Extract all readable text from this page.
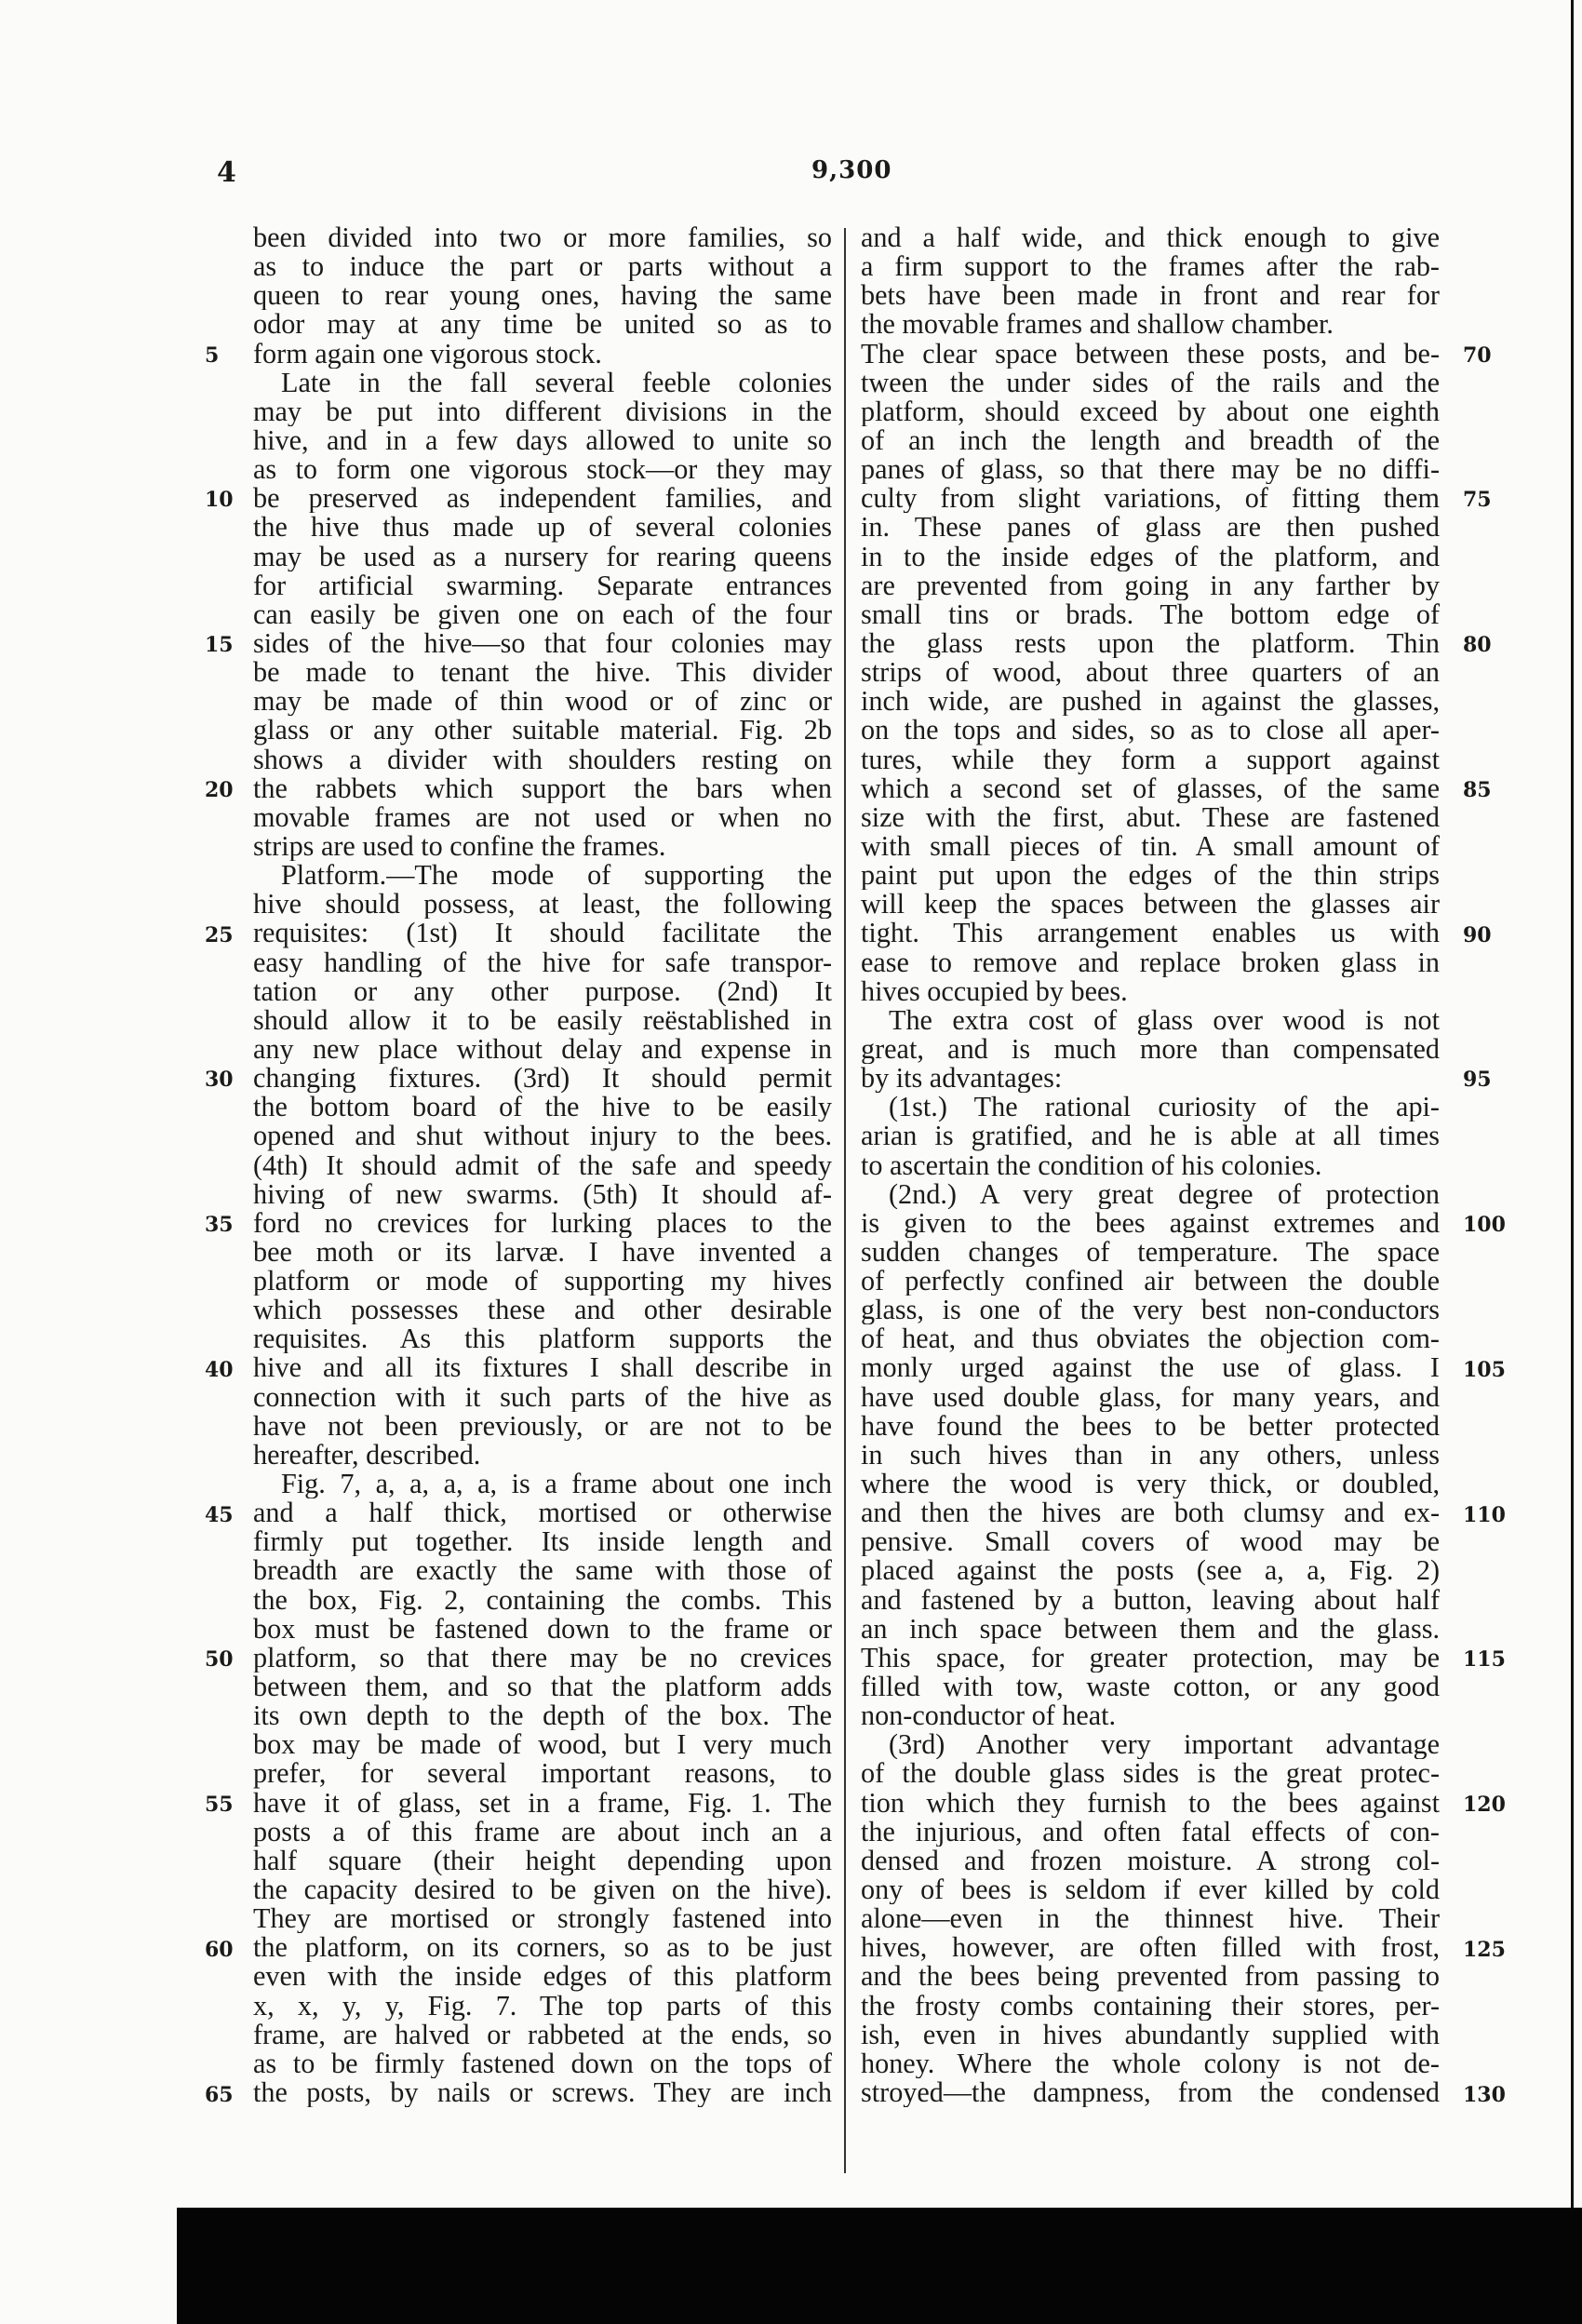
4	9,300
been divided into two or more families, so
as to induce the part or parts without a
queen to rear young ones, having the same
odor may at any time be united so as to
form again one vigorous stock.
Late in the fall several feeble colonies
may be put into different divisions in the
hive, and in a few days allowed to unite so
as to form one vigorous stock—or they may
be preserved as independent families, and
the hive thus made up of several colonies
may be used as a nursery for rearing queens
for artificial swarming. Separate entrances
can easily be given one on each of the four
sides of the hive—so that four colonies may
be made to tenant the hive. This divider
may be made of thin wood or of zinc or
glass or any other suitable material. Fig. 2b
shows a divider with shoulders resting on
the rabbets which support the bars when
movable frames are not used or when no
strips are used to confine the frames.
Platform.—The mode of supporting the
hive should possess, at least, the following
requisites: (1st) It should facilitate the
easy handling of the hive for safe transpor-
tation or any other purpose. (2nd) It
should allow it to be easily reëstablished in
any new place without delay and expense in
changing fixtures. (3rd) It should permit
the bottom board of the hive to be easily
opened and shut without injury to the bees.
(4th) It should admit of the safe and speedy
hiving of new swarms. (5th) It should af-
ford no crevices for lurking places to the
bee moth or its larvæ. I have invented a
platform or mode of supporting my hives
which possesses these and other desirable
requisites. As this platform supports the
hive and all its fixtures I shall describe in
connection with it such parts of the hive as
have not been previously, or are not to be
hereafter, described.
Fig. 7, a, a, a, a, is a frame about one inch
and a half thick, mortised or otherwise
firmly put together. Its inside length and
breadth are exactly the same with those of
the box, Fig. 2, containing the combs. This
box must be fastened down to the frame or
platform, so that there may be no crevices
between them, and so that the platform adds
its own depth to the depth of the box. The
box may be made of wood, but I very much
prefer, for several important reasons, to
have it of glass, set in a frame, Fig. 1. The
posts a of this frame are about inch an a
half square (their height depending upon
the capacity desired to be given on the hive).
They are mortised or strongly fastened into
the platform, on its corners, so as to be just
even with the inside edges of this platform
x, x, y, y, Fig. 7. The top parts of this
frame, are halved or rabbeted at the ends, so
as to be firmly fastened down on the tops of
the posts, by nails or screws. They are inch
and a half wide, and thick enough to give
a firm support to the frames after the rab-
bets have been made in front and rear for
the movable frames and shallow chamber.
The clear space between these posts, and be-
tween the under sides of the rails and the
platform, should exceed by about one eighth
of an inch the length and breadth of the
panes of glass, so that there may be no diffi-
culty from slight variations, of fitting them
in. These panes of glass are then pushed
in to the inside edges of the platform, and
are prevented from going in any farther by
small tins or brads. The bottom edge of
the glass rests upon the platform. Thin
strips of wood, about three quarters of an
inch wide, are pushed in against the glasses,
on the tops and sides, so as to close all aper-
tures, while they form a support against
which a second set of glasses, of the same
size with the first, abut. These are fastened
with small pieces of tin. A small amount of
paint put upon the edges of the thin strips
will keep the spaces between the glasses air
tight. This arrangement enables us with
ease to remove and replace broken glass in
hives occupied by bees.
The extra cost of glass over wood is not
great, and is much more than compensated
by its advantages:
(1st.) The rational curiosity of the api-
arian is gratified, and he is able at all times
to ascertain the condition of his colonies.
(2nd.) A very great degree of protection
is given to the bees against extremes and
sudden changes of temperature. The space
of perfectly confined air between the double
glass, is one of the very best non-conductors
of heat, and thus obviates the objection com-
monly urged against the use of glass. I
have used double glass, for many years, and
have found the bees to be better protected
in such hives than in any others, unless
where the wood is very thick, or doubled,
and then the hives are both clumsy and ex-
pensive. Small covers of wood may be
placed against the posts (see a, a, Fig. 2)
and fastened by a button, leaving about half
an inch space between them and the glass.
This space, for greater protection, may be
filled with tow, waste cotton, or any good
non-conductor of heat.
(3rd) Another very important advantage
of the double glass sides is the great protec-
tion which they furnish to the bees against
the injurious, and often fatal effects of con-
densed and frozen moisture. A strong col-
ony of bees is seldom if ever killed by cold
alone—even in the thinnest hive. Their
hives, however, are often filled with frost,
and the bees being prevented from passing to
the frosty combs containing their stores, per-
ish, even in hives abundantly supplied with
honey. Where the whole colony is not de-
stroyed—the dampness, from the condensed
5
10
15
20
25
30
35
40
45
50
55
60
65
70
75
80
85
90
95
100
105
110
115
120
125
130
